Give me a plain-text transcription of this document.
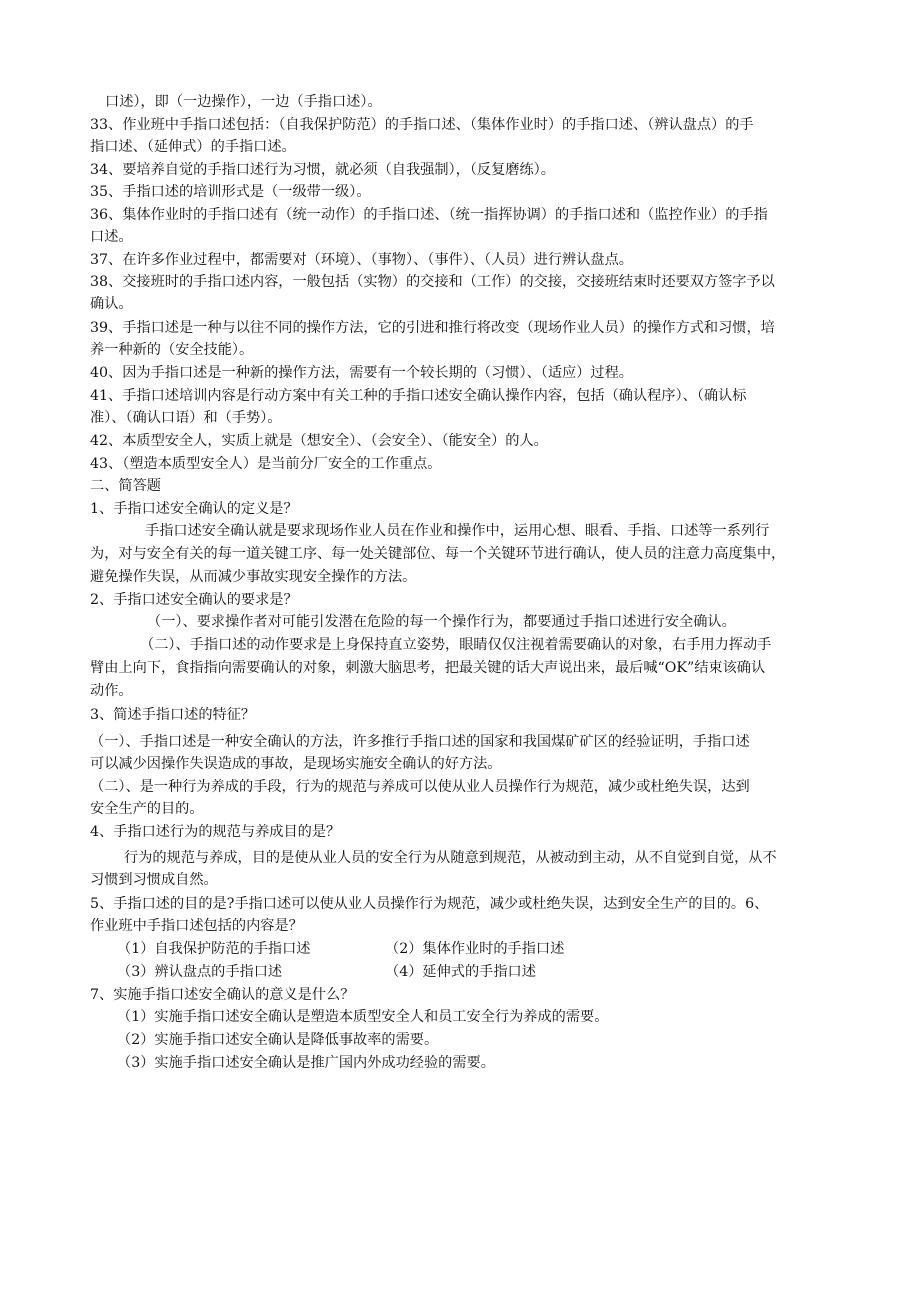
口述），即（一边操作），一边（手指口述）。
33、作业班中手指口述包括：（自我保护防范）的手指口述、（集体作业时）的手指口述、（辨认盘点）的手
指口述、（延伸式）的手指口述。
34、要培养自觉的手指口述行为习惯，就必须（自我强制），（反复磨练）。
35、手指口述的培训形式是（一级带一级）。
36、集体作业时的手指口述有（统一动作）的手指口述、（统一指挥协调）的手指口述和（监控作业）的手指
口述。
37、在许多作业过程中，都需要对（环境）、（事物）、（事件）、（人员）进行辨认盘点。
38、交接班时的手指口述内容，一般包括（实物）的交接和（工作）的交接，交接班结束时还要双方签字予以
确认。
39、手指口述是一种与以往不同的操作方法，它的引进和推行将改变（现场作业人员）的操作方式和习惯，培
养一种新的（安全技能）。
40、因为手指口述是一种新的操作方法，需要有一个较长期的（习惯）、（适应）过程。
41、手指口述培训内容是行动方案中有关工种的手指口述安全确认操作内容，包括（确认程序）、（确认标
准）、（确认口语）和（手势）。
42、本质型安全人，实质上就是（想安全）、（会安全）、（能安全）的人。
43、（塑造本质型安全人）是当前分厂安全的工作重点。
二、简答题
1、手指口述安全确认的定义是？
手指口述安全确认就是要求现场作业人员在作业和操作中，运用心想、眼看、手指、口述等一系列行
为，对与安全有关的每一道关键工序、每一处关键部位、每一个关键环节进行确认，使人员的注意力高度集中，
避免操作失误，从而减少事故实现安全操作的方法。
2、手指口述安全确认的要求是？
（一）、要求操作者对可能引发潜在危险的每一个操作行为，都要通过手指口述进行安全确认。
（二）、手指口述的动作要求是上身保持直立姿势，眼睛仅仅注视着需要确认的对象，右手用力挥动手
臂由上向下，食指指向需要确认的对象，刺激大脑思考，把最关键的话大声说出来，最后喊“OK”结束该确认
动作。
3、简述手指口述的特征？
（一）、手指口述是一种安全确认的方法，许多推行手指口述的国家和我国煤矿矿区的经验证明，手指口述
可以减少因操作失误造成的事故，是现场实施安全确认的好方法。
（二）、是一种行为养成的手段，行为的规范与养成可以使从业人员操作行为规范，减少或杜绝失误，达到
安全生产的目的。
4、手指口述行为的规范与养成目的是？
行为的规范与养成，目的是使从业人员的安全行为从随意到规范，从被动到主动，从不自觉到自觉，从不
习惯到习惯成自然。
5、手指口述的目的是?手指口述可以使从业人员操作行为规范，减少或杜绝失误，达到安全生产的目的。6、
作业班中手指口述包括的内容是？
（1）自我保护防范的手指口述	（2）集体作业时的手指口述
（3）辨认盘点的手指口述	（4）延伸式的手指口述
7、实施手指口述安全确认的意义是什么？
（1）实施手指口述安全确认是塑造本质型安全人和员工安全行为养成的需要。
（2）实施手指口述安全确认是降低事故率的需要。
（3）实施手指口述安全确认是推广国内外成功经验的需要。
